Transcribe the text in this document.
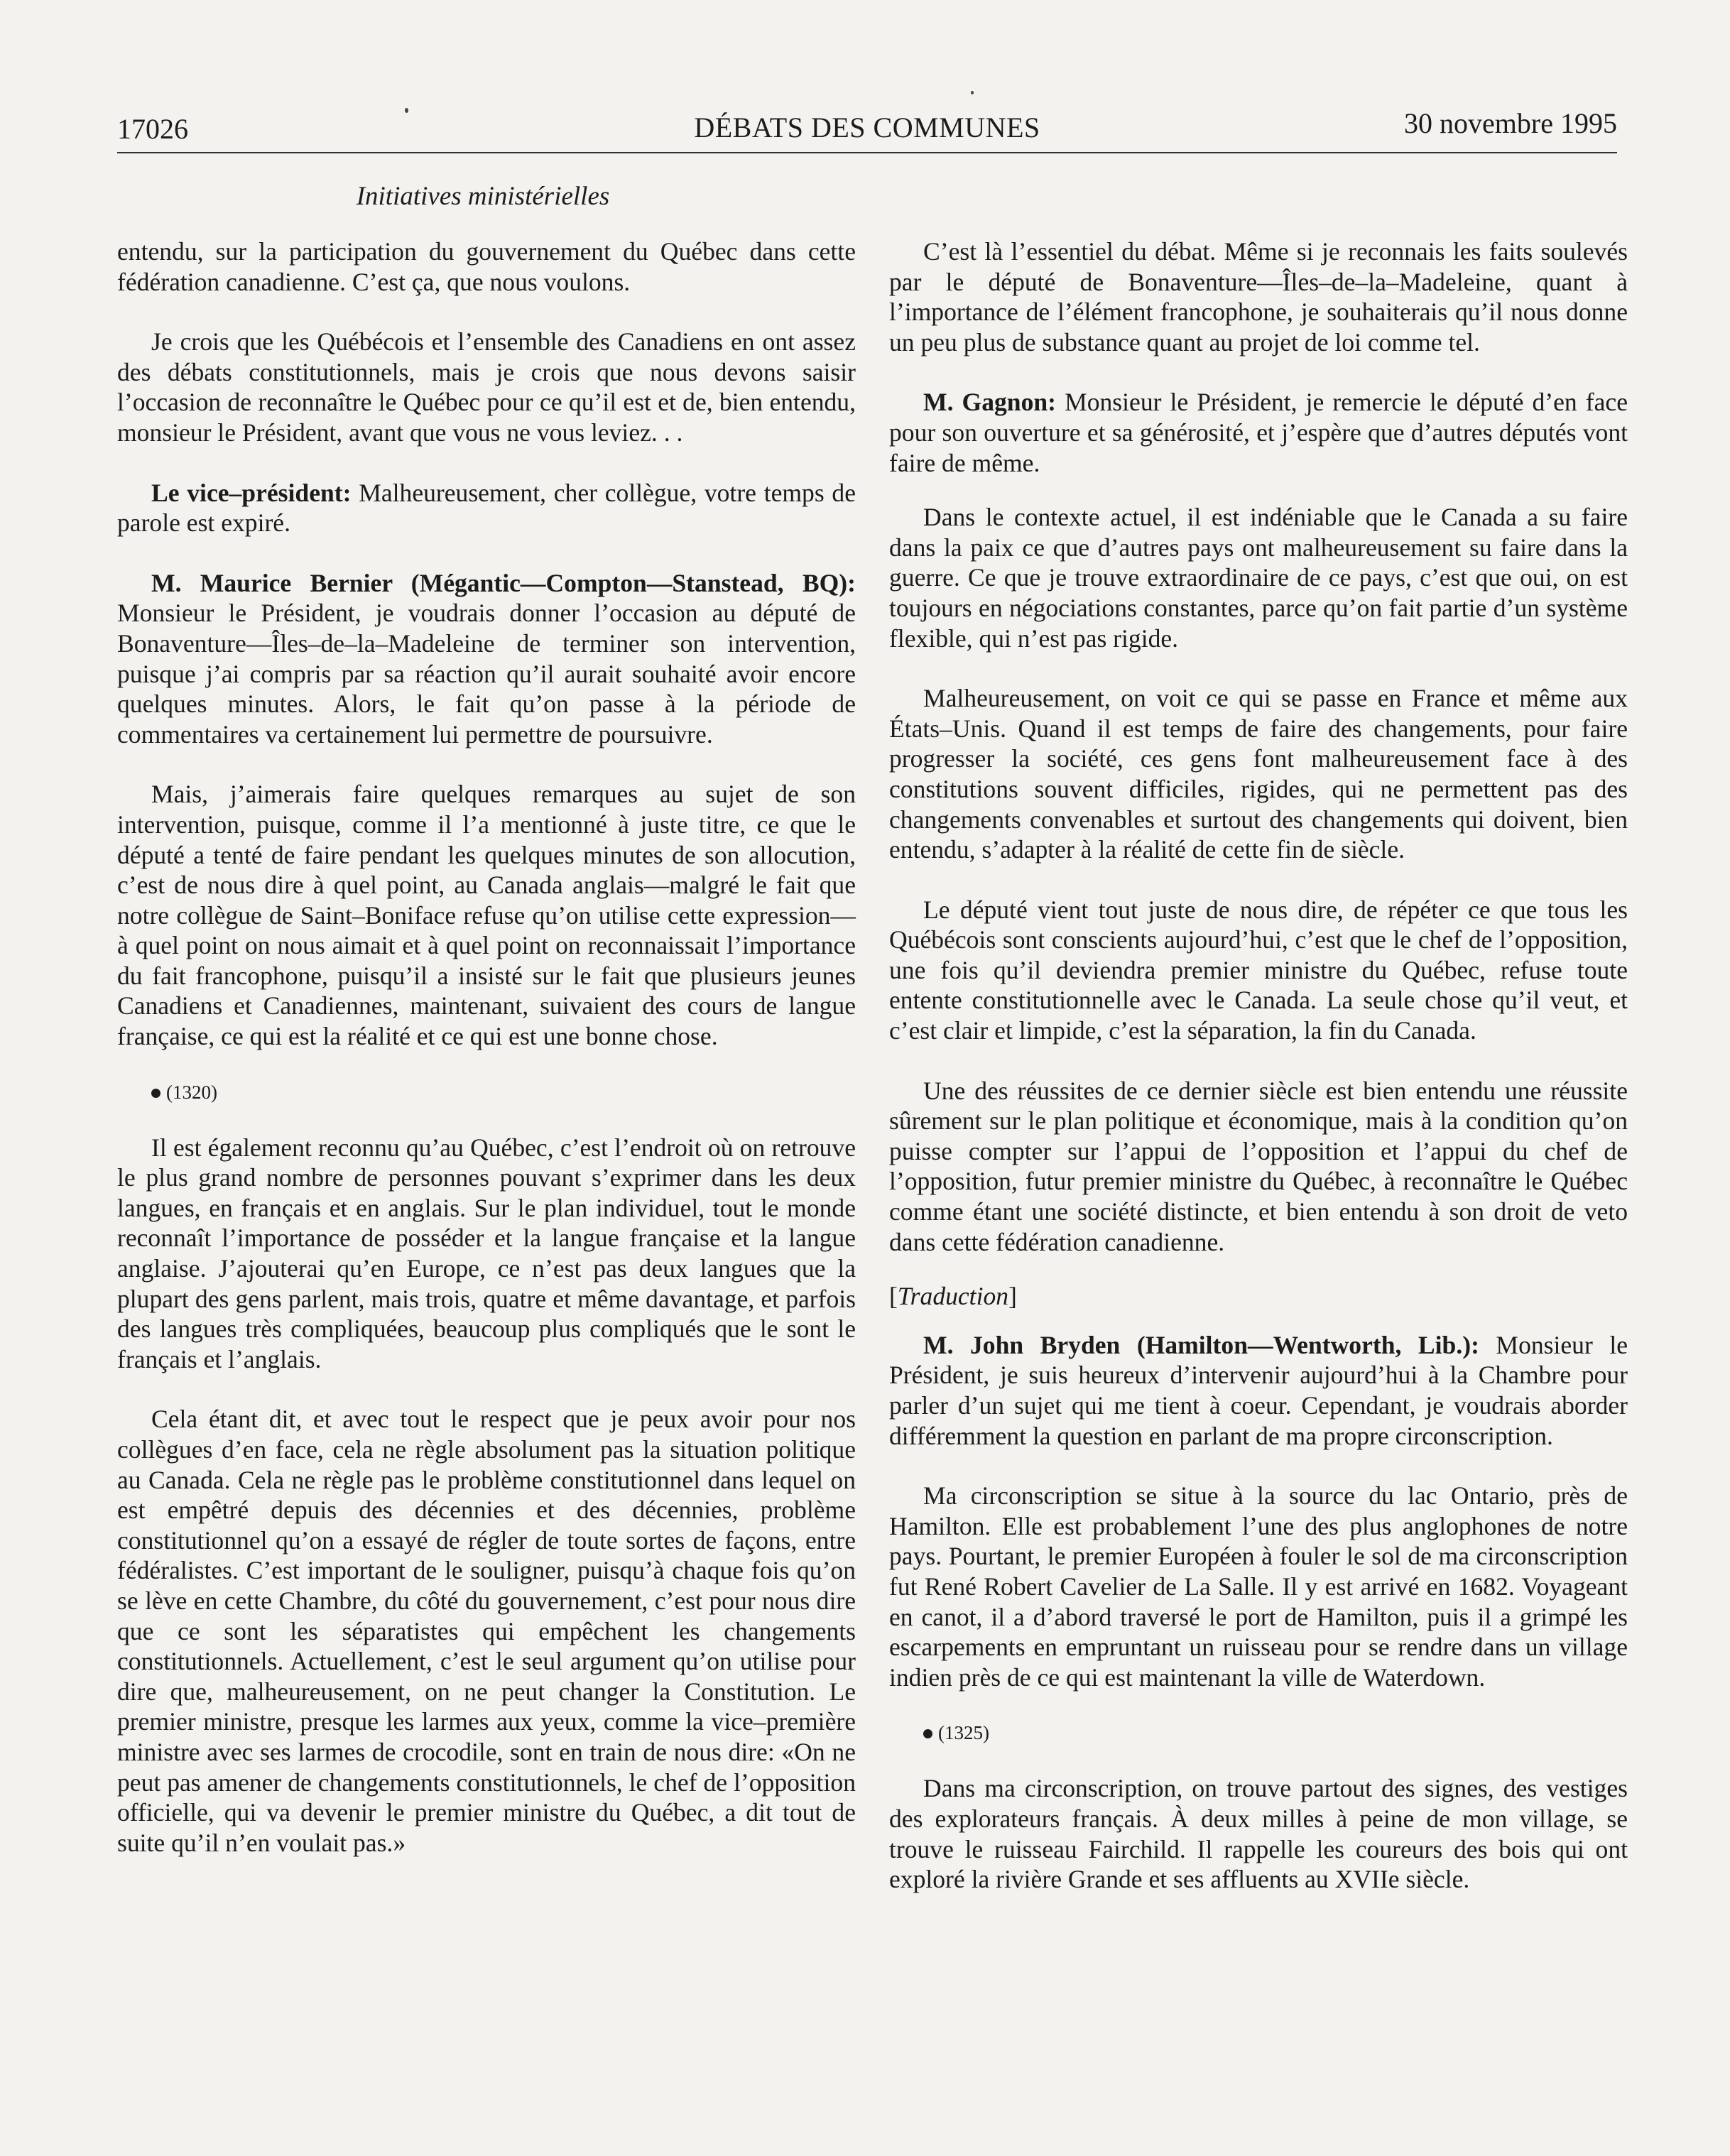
17026	DÉBATS DES COMMUNES	30 novembre 1995
Initiatives ministérielles

entendu, sur la participation du gouvernement du Québec dans cette fédération canadienne. C’est ça, que nous voulons.

Je crois que les Québécois et l’ensemble des Canadiens en ont assez des débats constitutionnels, mais je crois que nous devons saisir l’occasion de reconnaître le Québec pour ce qu’il est et de, bien entendu, monsieur le Président, avant que vous ne vous leviez. . .

Le vice–président: Malheureusement, cher collègue, votre temps de parole est expiré.

M. Maurice Bernier (Mégantic—Compton—Stanstead, BQ): Monsieur le Président, je voudrais donner l’occasion au député de Bonaventure—Îles–de–la–Madeleine de terminer son intervention, puisque j’ai compris par sa réaction qu’il aurait souhaité avoir encore quelques minutes. Alors, le fait qu’on passe à la période de commentaires va certainement lui permettre de poursuivre.

Mais, j’aimerais faire quelques remarques au sujet de son intervention, puisque, comme il l’a mentionné à juste titre, ce que le député a tenté de faire pendant les quelques minutes de son allocution, c’est de nous dire à quel point, au Canada anglais—malgré le fait que notre collègue de Saint–Boniface refuse qu’on utilise cette expression—à quel point on nous aimait et à quel point on reconnaissait l’importance du fait francophone, puisqu’il a insisté sur le fait que plusieurs jeunes Canadiens et Canadiennes, maintenant, suivaient des cours de langue française, ce qui est la réalité et ce qui est une bonne chose.

(1320)

Il est également reconnu qu’au Québec, c’est l’endroit où on retrouve le plus grand nombre de personnes pouvant s’exprimer dans les deux langues, en français et en anglais. Sur le plan individuel, tout le monde reconnaît l’importance de posséder et la langue française et la langue anglaise. J’ajouterai qu’en Europe, ce n’est pas deux langues que la plupart des gens parlent, mais trois, quatre et même davantage, et parfois des langues très compliquées, beaucoup plus compliqués que le sont le français et l’anglais.

Cela étant dit, et avec tout le respect que je peux avoir pour nos collègues d’en face, cela ne règle absolument pas la situation politique au Canada. Cela ne règle pas le problème constitutionnel dans lequel on est empêtré depuis des décennies et des décennies, problème constitutionnel qu’on a essayé de régler de toute sortes de façons, entre fédéralistes. C’est important de le souligner, puisqu’à chaque fois qu’on se lève en cette Chambre, du côté du gouvernement, c’est pour nous dire que ce sont les séparatistes qui empêchent les changements constitutionnels. Actuellement, c’est le seul argument qu’on utilise pour dire que, malheureusement, on ne peut changer la Constitution. Le premier ministre, presque les larmes aux yeux, comme la vice–première ministre avec ses larmes de crocodile, sont en train de nous dire: «On ne peut pas amener de changements constitutionnels, le chef de l’opposition officielle, qui va devenir le premier ministre du Québec, a dit tout de suite qu’il n’en voulait pas.»

C’est là l’essentiel du débat. Même si je reconnais les faits soulevés par le député de Bonaventure—Îles–de–la–Madeleine, quant à l’importance de l’élément francophone, je souhaiterais qu’il nous donne un peu plus de substance quant au projet de loi comme tel.

M. Gagnon: Monsieur le Président, je remercie le député d’en face pour son ouverture et sa générosité, et j’espère que d’autres députés vont faire de même.

Dans le contexte actuel, il est indéniable que le Canada a su faire dans la paix ce que d’autres pays ont malheureusement su faire dans la guerre. Ce que je trouve extraordinaire de ce pays, c’est que oui, on est toujours en négociations constantes, parce qu’on fait partie d’un système flexible, qui n’est pas rigide.

Malheureusement, on voit ce qui se passe en France et même aux États–Unis. Quand il est temps de faire des changements, pour faire progresser la société, ces gens font malheureusement face à des constitutions souvent difficiles, rigides, qui ne permettent pas des changements convenables et surtout des changements qui doivent, bien entendu, s’adapter à la réalité de cette fin de siècle.

Le député vient tout juste de nous dire, de répéter ce que tous les Québécois sont conscients aujourd’hui, c’est que le chef de l’opposition, une fois qu’il deviendra premier ministre du Québec, refuse toute entente constitutionnelle avec le Canada. La seule chose qu’il veut, et c’est clair et limpide, c’est la séparation, la fin du Canada.

Une des réussites de ce dernier siècle est bien entendu une réussite sûrement sur le plan politique et économique, mais à la condition qu’on puisse compter sur l’appui de l’opposition et l’appui du chef de l’opposition, futur premier ministre du Québec, à reconnaître le Québec comme étant une société distincte, et bien entendu à son droit de veto dans cette fédération canadienne.

[Traduction]

M. John Bryden (Hamilton—Wentworth, Lib.): Monsieur le Président, je suis heureux d’intervenir aujourd’hui à la Chambre pour parler d’un sujet qui me tient à coeur. Cependant, je voudrais aborder différemment la question en parlant de ma propre circonscription.

Ma circonscription se situe à la source du lac Ontario, près de Hamilton. Elle est probablement l’une des plus anglophones de notre pays. Pourtant, le premier Européen à fouler le sol de ma circonscription fut René Robert Cavelier de La Salle. Il y est arrivé en 1682. Voyageant en canot, il a d’abord traversé le port de Hamilton, puis il a grimpé les escarpements en empruntant un ruisseau pour se rendre dans un village indien près de ce qui est maintenant la ville de Waterdown.

(1325)

Dans ma circonscription, on trouve partout des signes, des vestiges des explorateurs français. À deux milles à peine de mon village, se trouve le ruisseau Fairchild. Il rappelle les coureurs des bois qui ont exploré la rivière Grande et ses affluents au XVIIe siècle.
